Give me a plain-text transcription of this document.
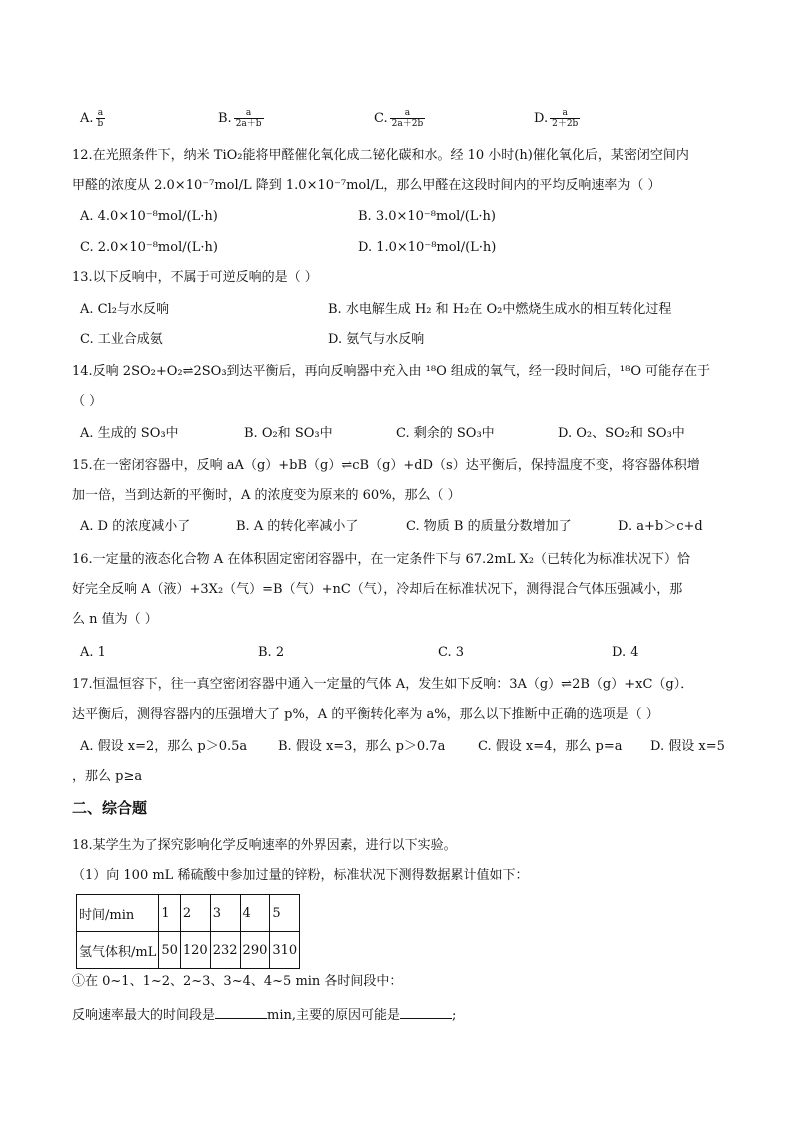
A. $\frac{a}{b}$	B. $\frac{a}{2a+b}$	C. $\frac{a}{2a+2b}$	D. $\frac{a}{2+2b}$
12.在光照条件下，纳米 TiO₂能将甲醛催化氧化成二铋化碳和水。经 10 小时(h)催化氧化后，某密闭空间内
甲醛的浓度从 2.0×10⁻⁷mol/L 降到 1.0×10⁻⁷mol/L，那么甲醛在这段时间内的平均反响速率为（ ）
A. 4.0×10⁻⁸mol/(L·h)	B. 3.0×10⁻⁸mol/(L·h)
C. 2.0×10⁻⁸mol/(L·h)	D. 1.0×10⁻⁸mol/(L·h)
13.以下反响中，不属于可逆反响的是（ ）
A. Cl₂与水反响	B. 水电解生成 H₂ 和 H₂在 O₂中燃烧生成水的相互转化过程
C. 工业合成氨	D. 氨气与水反响
14.反响 2SO₂+O₂⇌2SO₃到达平衡后，再向反响器中充入由 ¹⁸O 组成的氧气，经一段时间后，¹⁸O 可能存在于
（ ）
A. 生成的 SO₃中	B. O₂和 SO₃中	C. 剩余的 SO₃中	D. O₂、SO₂和 SO₃中
15.在一密闭容器中，反响 aA（g）+bB（g）⇌cB（g）+dD（s）达平衡后，保持温度不变，将容器体积增
加一倍，当到达新的平衡时，A 的浓度变为原来的 60%，那么（ ）
A. D 的浓度减小了	B. A 的转化率减小了	C. 物质 B 的质量分数增加了	D. a+b＞c+d
16.一定量的液态化合物 A 在体积固定密闭容器中，在一定条件下与 67.2mL X₂（已转化为标准状况下）恰
好完全反响 A（液）+3X₂（气）=B（气）+nC（气），冷却后在标准状况下，测得混合气体压强减小，那
么 n 值为（ ）
A. 1	B. 2	C. 3	D. 4
17.恒温恒容下，往一真空密闭容器中通入一定量的气体 A，发生如下反响：3A（g）⇌2B（g）+xC（g）．
达平衡后，测得容器内的压强增大了 p%，A 的平衡转化率为 a%，那么以下推断中正确的选项是（ ）
A. 假设 x=2，那么 p＞0.5a B. 假设 x=3，那么 p＞0.7a	C. 假设 x=4，那么 p=a D. 假设 x=5
，那么 p≥a
二、综合题
18.某学生为了探究影响化学反响速率的外界因素，进行以下实验。
（1）向 100 mL 稀硫酸中参加过量的锌粉，标准状况下测得数据累计值如下：
时间/min	1	2	3	4	5
氢气体积/mL	50	120	232	290	310
①在 0~1、1~2、2~3、3~4、4~5 min 各时间段中：
反响速率最大的时间段是	min,主要的原因可能是	;
